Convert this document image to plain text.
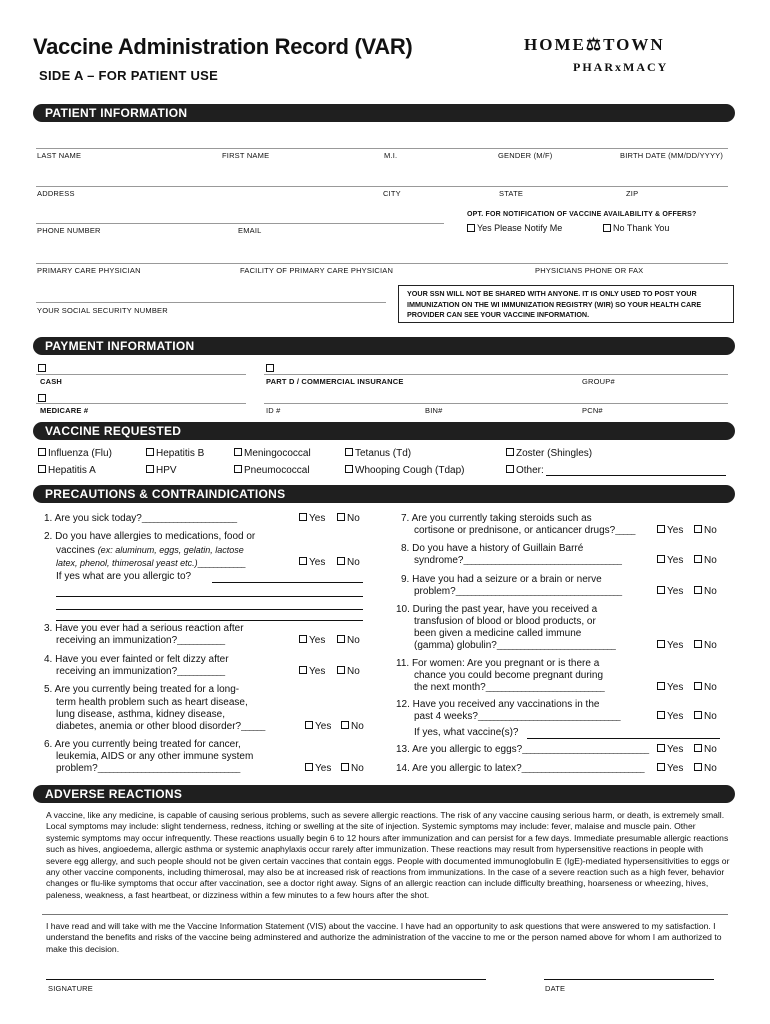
Vaccine Administration Record (VAR)
SIDE A – FOR PATIENT USE
HOME⚖TOWN
PHARxMACY
PATIENT INFORMATION
LAST NAME	FIRST NAME	M.I.	GENDER (M/F)	BIRTH DATE (MM/DD/YYYY)
ADDRESS	CITY	STATE	ZIP
OPT. FOR NOTIFICATION OF VACCINE AVAILABILITY & OFFERS?
PHONE NUMBER	EMAIL	Yes Please Notify Me	No Thank You
PRIMARY CARE PHYSICIAN	FACILITY OF PRIMARY CARE PHYSICIAN	PHYSICIANS PHONE OR FAX
YOUR SOCIAL SECURITY NUMBER
YOUR SSN WILL NOT BE SHARED WITH ANYONE. IT IS ONLY USED TO POST YOUR IMMUNIZATION ON THE WI IMMUNIZATION REGISTRY (WIR) SO YOUR HEALTH CARE PROVIDER CAN SEE YOUR VACCINE INFORMATION.
PAYMENT INFORMATION
CASH	PART D / COMMERCIAL INSURANCE	GROUP#
MEDICARE #	ID #	BIN#	PCN#
VACCINE REQUESTED
Influenza (Flu)	Hepatitis B	Meningococcal	Tetanus (Td)	Zoster (Shingles)
Hepatitis A	HPV	Pneumococcal	Whooping Cough (Tdap)	Other:
PRECAUTIONS & CONTRAINDICATIONS
1. Are you sick today?________________________	Yes	No
2. Do you have allergies to medications, food or
vaccines (ex: aluminum, eggs, gelatin, lactose
latex, phenol, thimerosal yeast etc.)____________	Yes	No
If yes what are you allergic to?
3. Have you ever had a serious reaction after
receiving an immunization?____________	Yes	No
4. Have you ever fainted or felt dizzy after
receiving an immunization?____________	Yes	No
5. Are you currently being treated for a long-
term health problem such as heart disease,
lung disease, asthma, kidney disease,
diabetes, anemia or other blood disorder?______	Yes	No
6. Are you currently being treated for cancer,
leukemia, AIDS or any other immune system
problem?____________________________________	Yes	No
7. Are you currently taking steroids such as
cortisone or prednisone, or anticancer drugs?_____	Yes	No
8. Do you have a history of Guillain Barré
syndrome?________________________________________	Yes	No
9. Have you had a seizure or a brain or nerve
problem?__________________________________________	Yes	No
10. During the past year, have you received a
transfusion of blood or blood products, or
been given a medicine called immune
(gamma) globulin?______________________________	Yes	No
11. For women: Are you pregnant or is there a
chance you could become pregnant during
the next month?______________________________	Yes	No
12. Have you received any vaccinations in the
past 4 weeks?____________________________________	Yes	No
If yes, what vaccine(s)?
13. Are you allergic to eggs?________________________________	Yes	No
14. Are you allergic to latex?_______________________________	Yes	No
ADVERSE REACTIONS
A vaccine, like any medicine, is capable of causing serious problems, such as severe allergic reactions. The risk of any vaccine causing serious harm, or death, is extremely small. Local symptoms may include: slight tenderness, redness, itching or swelling at the site of injection. Systemic symptoms may include: fever, malaise and muscle pain. Other systemic symptoms may occur infrequently. These reactions usually begin 6 to 12 hours after immunization and can persist for a few days. Immediate presumable allergic reactions such as hives, angioedema, allergic asthma or systemic anaphylaxis occur rarely after immunization. These reactions may result from hypersensitive reactions in people with severe egg allergy, and such people should not be given certain vaccines that contain eggs. People with documented immunoglobulin E (IgE)-mediated hypersensitivities to eggs or any other vaccine components, including thimerosal, may also be at increased risk of reactions from immunizations. In the case of a severe reaction such as a high fever, behavior changes or flu-like symptoms that occur after vaccination, see a doctor right away. Signs of an allergic reaction can include difficulty breathing, hoarseness or wheezing, hives, paleness, weakness, a fast heartbeat, or dizziness within a few minutes to a few hours after the shot.
I have read and will take with me the Vaccine Information Statement (VIS) about the vaccine. I have had an opportunity to ask questions that were answered to my satisfaction. I understand the benefits and risks of the vaccine being adminstered and authorize the administration of the vaccine to me or the person named above for whom I am authorized to make this decision.
SIGNATURE	DATE
